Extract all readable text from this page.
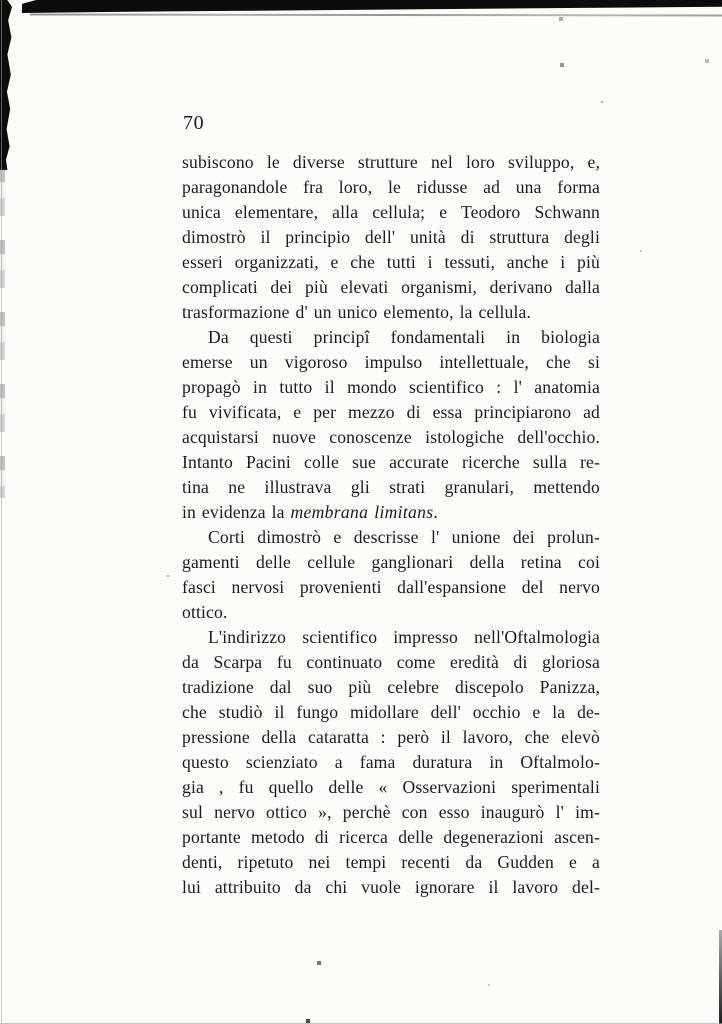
70
subiscono le diverse strutture nel loro sviluppo, e,
paragonandole fra loro, le ridusse ad una forma
unica elementare, alla cellula; e Teodoro Schwann
dimostrò il principio dell' unità di struttura degli
esseri organizzati, e che tutti i tessuti, anche i più
complicati dei più elevati organismi, derivano dalla
trasformazione d' un unico elemento, la cellula.
Da questi principî fondamentali in biologia
emerse un vigoroso impulso intellettuale, che si
propagò in tutto il mondo scientifico : l' anatomia
fu vivificata, e per mezzo di essa principiarono ad
acquistarsi nuove conoscenze istologiche dell'occhio.
Intanto Pacini colle sue accurate ricerche sulla re-
tina ne illustrava gli strati granulari, mettendo
in evidenza la membrana limitans.
Corti dimostrò e descrisse l' unione dei prolun-
gamenti delle cellule ganglionari della retina coi
fasci nervosi provenienti dall'espansione del nervo
ottico.
L'indirizzo scientifico impresso nell'Oftalmologia
da Scarpa fu continuato come eredità di gloriosa
tradizione dal suo più celebre discepolo Panizza,
che studiò il fungo midollare dell' occhio e la de-
pressione della cataratta : però il lavoro, che elevò
questo scienziato a fama duratura in Oftalmolo-
gia , fu quello delle « Osservazioni sperimentali
sul nervo ottico », perchè con esso inaugurò l' im-
portante metodo di ricerca delle degenerazioni ascen-
denti, ripetuto nei tempi recenti da Gudden e a
lui attribuito da chi vuole ignorare il lavoro del-
